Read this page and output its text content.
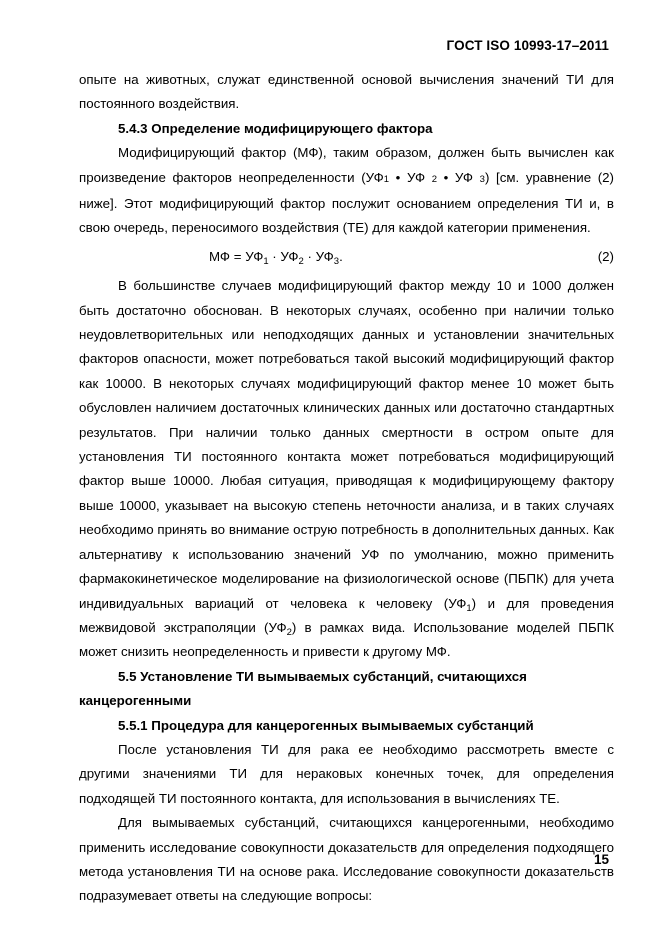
ГОСТ ISO 10993-17–2011

опыте на животных, служат единственной основой вычисления значений ТИ для постоянного воздействия.

5.4.3 Определение модифицирующего фактора

Модифицирующий фактор (МФ), таким образом, должен быть вычислен как произведение факторов неопределенности (УФ1 • УФ 2 • УФ 3) [см. уравнение (2) ниже]. Этот модифицирующий фактор послужит основанием определения ТИ и, в свою очередь, переносимого воздействия (ТЕ) для каждой категории применения.

МФ = $УФ_1 \cdot УФ_2 \cdot УФ_3$.	(2)

В большинстве случаев модифицирующий фактор между 10 и 1000 должен быть достаточно обоснован. В некоторых случаях, особенно при наличии только неудовлетворительных или неподходящих данных и установлении значительных факторов опасности, может потребоваться такой высокий модифицирующий фактор как 10000. В некоторых случаях модифицирующий фактор менее 10 может быть обусловлен наличием достаточных клинических данных или достаточно стандартных результатов. При наличии только данных смертности в остром опыте для установления ТИ постоянного контакта может потребоваться модифицирующий фактор выше 10000. Любая ситуация, приводящая к модифицирующему фактору выше 10000, указывает на высокую степень неточности анализа, и в таких случаях необходимо принять во внимание острую потребность в дополнительных данных. Как альтернативу к использованию значений УФ по умолчанию, можно применить фармакокинетическое моделирование на физиологической основе (ПБПК) для учета индивидуальных вариаций от человека к человеку $(УФ_1)$ и для проведения межвидовой экстраполяции $(УФ_2)$ в рамках вида. Использование моделей ПБПК может снизить неопределенность и привести к другому МФ.

5.5 Установление ТИ вымываемых субстанций, считающихся канцерогенными

5.5.1 Процедура для канцерогенных вымываемых субстанций

После установления ТИ для рака ее необходимо рассмотреть вместе с другими значениями ТИ для нераковых конечных точек, для определения подходящей ТИ постоянного контакта, для использования в вычислениях ТЕ.

Для вымываемых субстанций, считающихся канцерогенными, необходимо применить исследование совокупности доказательств для определения подходящего метода установления ТИ на основе рака. Исследование совокупности доказательств подразумевает ответы на следующие вопросы:

15
